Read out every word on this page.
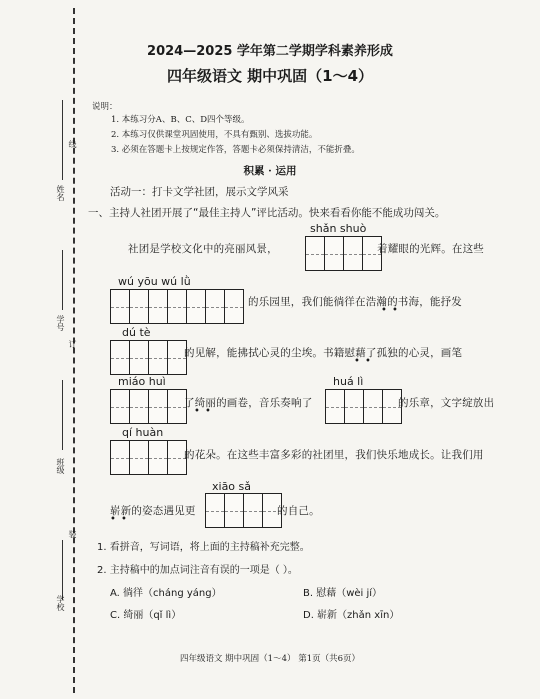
姓名
学号
班级
学校
线
订
装
2024—2025 学年第二学期学科素养形成
四年级语文 期中巩固（1～4）
说明：
1. 本练习分A、B、C、D四个等级。
2. 本练习仅供课堂巩固使用，不具有甄别、选拔功能。
3. 必须在答题卡上按规定作答，答题卡必须保持清洁，不能折叠。
积累 · 运用
活动一：打卡文学社团，展示文学风采
一、主持人社团开展了“最佳主持人”评比活动。快来看看你能不能成功闯关。
社团是学校文化中的亮丽风景，
shǎn shuò
着耀眼的光辉。在这些
wú yōu wú lǜ
的乐园里，我们能徜徉在浩瀚的书海，能抒发
• •
dú tè
的见解，能拂拭心灵的尘埃。书籍慰藉了孤独的心灵，画笔
• •
miáo huì
了绮丽的画卷，音乐奏响了
• •
huá lì
的乐章，文字绽放出
qí huàn
的花朵。在这些丰富多彩的社团里，我们快乐地成长。让我们用
崭新的姿态遇见更
• •
xiāo sǎ
的自己。
1. 看拼音，写词语，将上面的主持稿补充完整。
2. 主持稿中的加点词注音有误的一项是（ ）。
A. 徜徉（cháng yáng）	B. 慰藉（wèi jí）
C. 绮丽（qǐ lì）	D. 崭新（zhǎn xīn）
四年级语文 期中巩固（1～4） 第1页（共6页）
